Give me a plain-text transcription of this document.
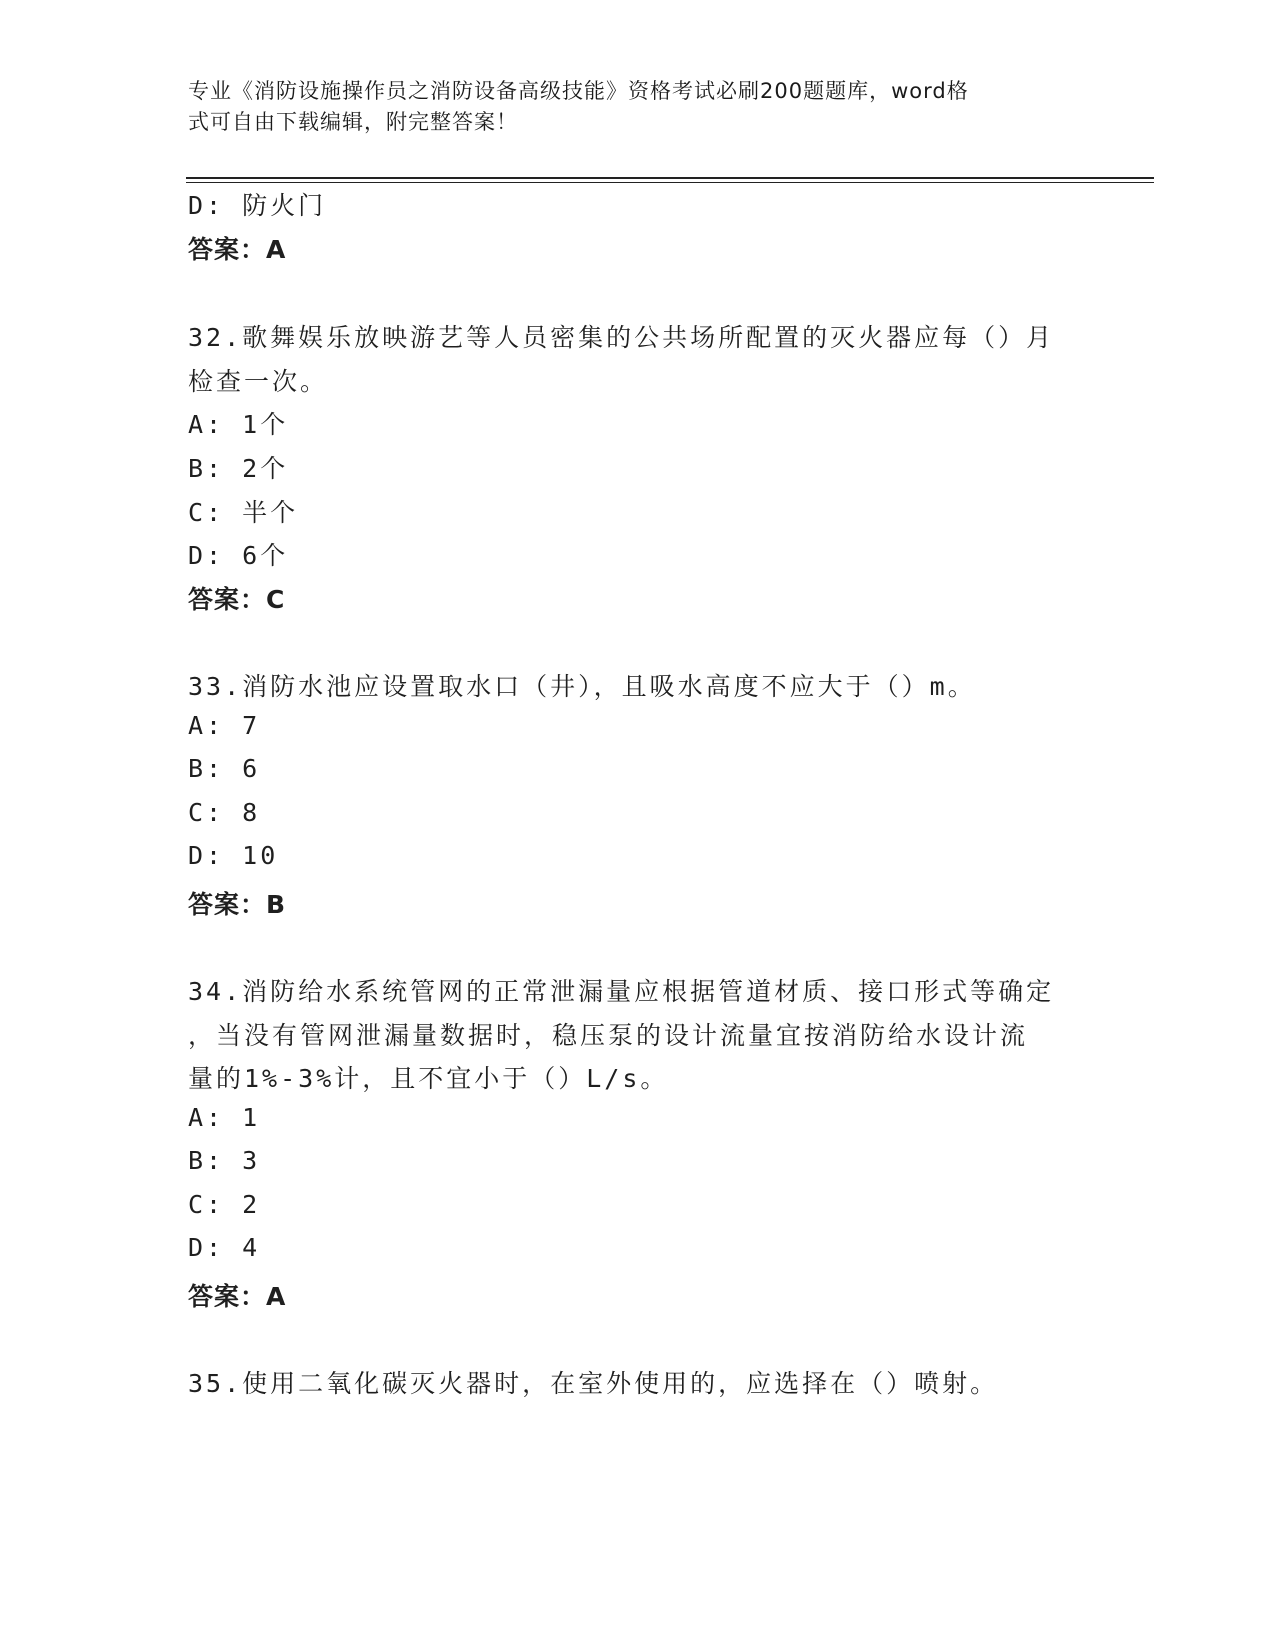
专业《消防设施操作员之消防设备高级技能》资格考试必刷200题题库，word格
式可自由下载编辑，附完整答案！
D: 防火门
答案：A
32.歌舞娱乐放映游艺等人员密集的公共场所配置的灭火器应每（）月
检查一次。
A: 1个
B: 2个
C: 半个
D: 6个
答案：C
33.消防水池应设置取水口（井），且吸水高度不应大于（）m。
A: 7
B: 6
C: 8
D: 10
答案：B
34.消防给水系统管网的正常泄漏量应根据管道材质、接口形式等确定
，当没有管网泄漏量数据时，稳压泵的设计流量宜按消防给水设计流
量的1%-3%计，且不宜小于（）L/s。
A: 1
B: 3
C: 2
D: 4
答案：A
35.使用二氧化碳灭火器时，在室外使用的，应选择在（）喷射。
